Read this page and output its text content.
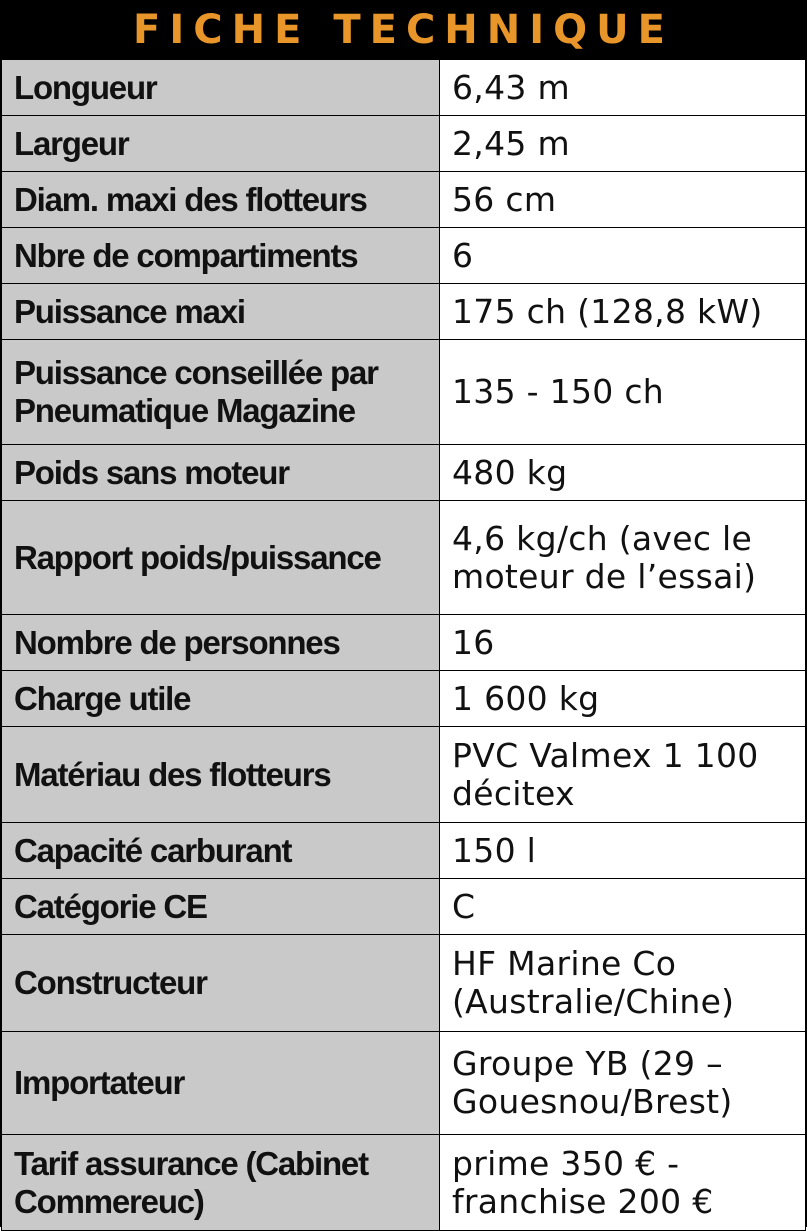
FICHE TECHNIQUE
Longueur	6,43 m
Largeur	2,45 m
Diam. maxi des flotteurs	56 cm
Nbre de compartiments	6
Puissance maxi	175 ch (128,8 kW)
Puissance conseillée par Pneumatique Magazine	135 - 150 ch
Poids sans moteur	480 kg
Rapport poids/puissance	4,6 kg/ch (avec le moteur de l’essai)
Nombre de personnes	16
Charge utile	1 600 kg
Matériau des flotteurs	PVC Valmex 1 100 décitex
Capacité carburant	150 l
Catégorie CE	C
Constructeur	HF Marine Co (Australie/Chine)
Importateur	Groupe YB (29 – Gouesnou/Brest)
Tarif assurance (Cabinet Commereuc)	prime 350 € - franchise 200 €
